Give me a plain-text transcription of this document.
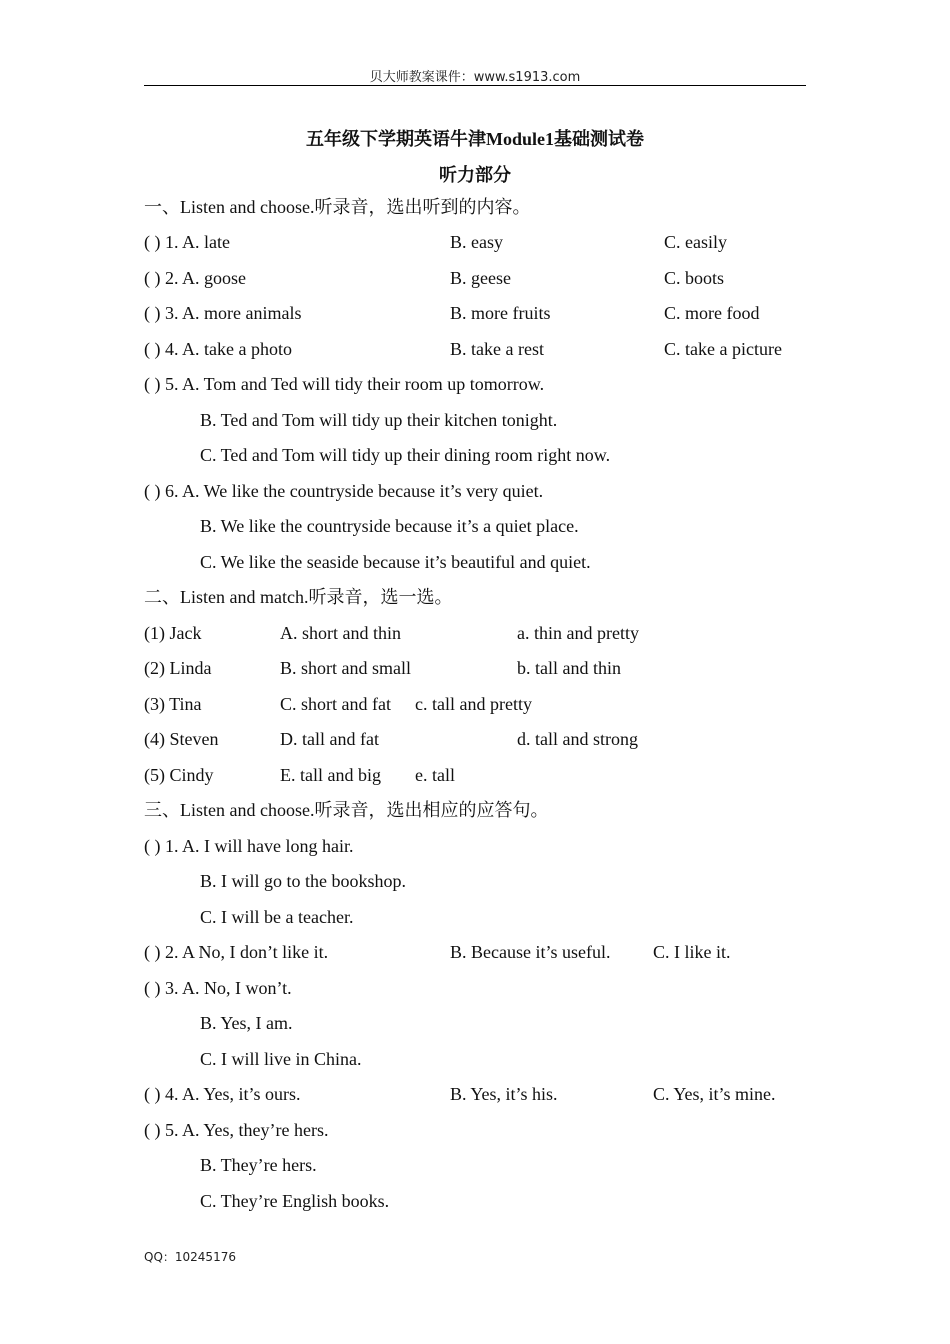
贝大师教案课件：www.s1913.com
五年级下学期英语牛津Module1基础测试卷
听力部分
一、Listen and choose.听录音，选出听到的内容。
( ) 1. A. late	B. easy	C. easily
( ) 2. A. goose	B. geese	C. boots
( ) 3. A. more animals	B. more fruits	C. more food
( ) 4. A. take a photo	B. take a rest	C. take a picture
( ) 5. A. Tom and Ted will tidy their room up tomorrow.
B. Ted and Tom will tidy up their kitchen tonight.
C. Ted and Tom will tidy up their dining room right now.
( ) 6. A. We like the countryside because it’s very quiet.
B. We like the countryside because it’s a quiet place.
C. We like the seaside because it’s beautiful and quiet.
二、Listen and match.听录音，选一选。
(1) Jack	A. short and thin	a. thin and pretty
(2) Linda	B. short and small	b. tall and thin
(3) Tina	C. short and fat c. tall and pretty
(4) Steven	D. tall and fat	d. tall and strong
(5) Cindy	E. tall and big e. tall
三、Listen and choose.听录音，选出相应的应答句。
( ) 1. A. I will have long hair.
B. I will go to the bookshop.
C. I will be a teacher.
( ) 2. A No, I don’t like it.	B. Because it’s useful. C. I like it.
( ) 3. A. No, I won’t.
B. Yes, I am.
C. I will live in China.
( ) 4. A. Yes, it’s ours.	B. Yes, it’s his.	C. Yes, it’s mine.
( ) 5. A. Yes, they’re hers.
B. They’re hers.
C. They’re English books.
QQ：10245176
